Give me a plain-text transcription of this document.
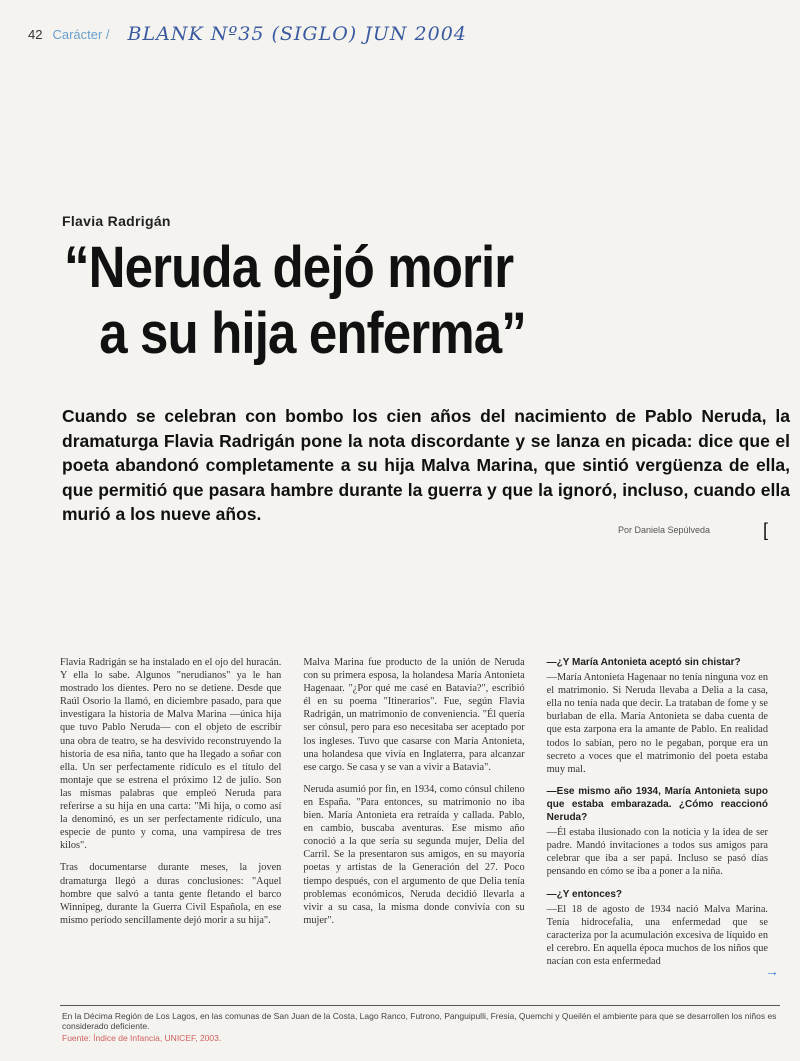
42 Carácter / BLANK Nº35 (SIGLO) JUN 2004
Flavia Radrigán
“Neruda dejó morir
a su hija enferma”
Cuando se celebran con bombo los cien años del nacimiento de Pablo Neruda, la dramaturga Flavia Radrigán pone la nota discordante y se lanza en picada: dice que el poeta abandonó completamente a su hija Malva Marina, que sintió vergüenza de ella, que permitió que pasara hambre durante la guerra y que la ignoró, incluso, cuando ella murió a los nueve años.
Por Daniela Sepúlveda	[

Flavia Radrigán se ha instalado en el ojo del huracán. Y ella lo sabe. Algunos "nerudianos" ya le han mostrado los dientes. Pero no se detiene. Desde que Raúl Osorio la llamó, en diciembre pasado, para que investigara la historia de Malva Marina —única hija que tuvo Pablo Neruda— con el objeto de escribir una obra de teatro, se ha desvivido reconstruyendo la historia de esa niña, tanto que ha llegado a soñar con ella. Un ser perfectamente ridículo es el título del montaje que se estrena el próximo 12 de julio. Son las mismas palabras que empleó Neruda para referirse a su hija en una carta: "Mi hija, o como así la denominó, es un ser perfectamente ridículo, una especie de punto y coma, una vampiresa de tres kilos".

Tras documentarse durante meses, la joven dramaturga llegó a duras conclusiones: "Aquel hombre que salvó a tanta gente fletando el barco Winnipeg, durante la Guerra Civil Española, en ese mismo período sencillamente dejó morir a su hija".

Malva Marina fue producto de la unión de Neruda con su primera esposa, la holandesa María Antonieta Hagenaar. "¿Por qué me casé en Batavia?", escribió él en su poema "Itinerarios". Fue, según Flavia Radrigán, un matrimonio de conveniencia. "Él quería ser cónsul, pero para eso necesitaba ser aceptado por los ingleses. Tuvo que casarse con María Antonieta, una holandesa que vivía en Inglaterra, para alcanzar ese cargo. Se casa y se van a vivir a Batavia".

Neruda asumió por fin, en 1934, como cónsul chileno en España. "Para entonces, su matrimonio no iba bien. María Antonieta era retraída y callada. Pablo, en cambio, buscaba aventuras. Ese mismo año conoció a la que sería su segunda mujer, Delia del Carril. Se la presentaron sus amigos, en su mayoría poetas y artistas de la Generación del 27. Poco tiempo después, con el argumento de que Delia tenía problemas económicos, Neruda decidió llevarla a vivir a su casa, la misma donde convivía con su mujer".

—¿Y María Antonieta aceptó sin chistar?

—María Antonieta Hagenaar no tenía ninguna voz en el matrimonio. Si Neruda llevaba a Delia a la casa, ella no tenía nada que decir. La trataban de fome y se burlaban de ella. María Antonieta se daba cuenta de que esta zarpona era la amante de Pablo. En realidad todos lo sabían, pero no le pegaban, porque era un secreto a voces que el matrimonio del poeta estaba muy mal.

—Ese mismo año 1934, María Antonieta supo que estaba embarazada. ¿Cómo reaccionó Neruda?

—Él estaba ilusionado con la noticia y la idea de ser padre. Mandó invitaciones a todos sus amigos para celebrar que iba a ser papá. Incluso se pasó días pensando en cómo se iba a poner a la niña.

—¿Y entonces?

—El 18 de agosto de 1934 nació Malva Marina. Tenía hidrocefalia, una enfermedad que se caracteriza por la acumulación excesiva de líquido en el cerebro. En aquella época muchos de los niños que nacían con esta enfermedad

→
En la Décima Región de Los Lagos, en las comunas de San Juan de la Costa, Lago Ranco, Futrono, Panguipulli, Fresia, Quemchi y Queilén el ambiente para que se desarrollen los niños es considerado deficiente.
Fuente: Índice de Infancia, UNICEF, 2003.
